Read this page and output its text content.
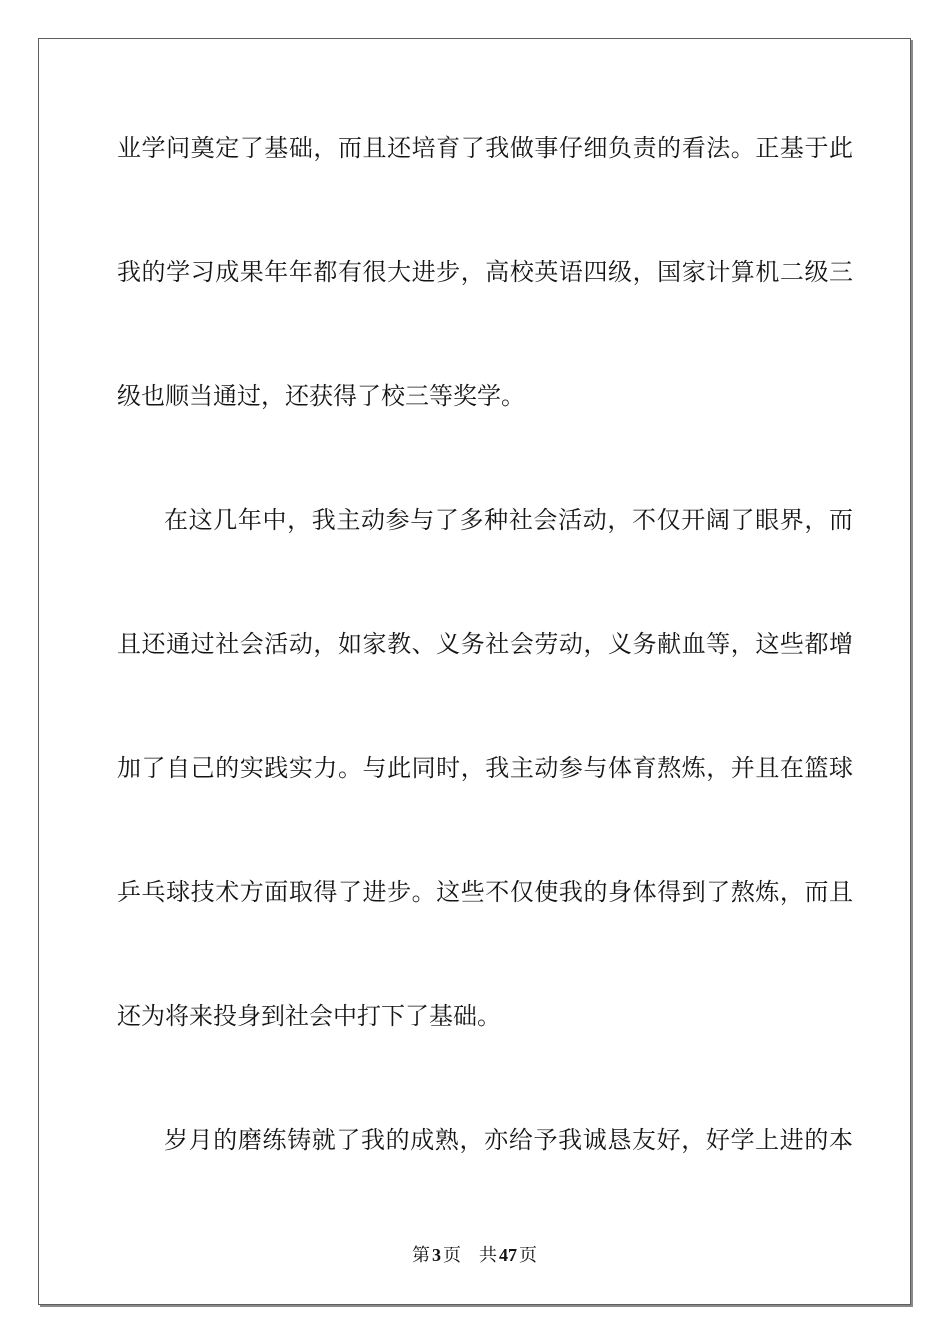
业学问奠定了基础，而且还培育了我做事仔细负责的看法。正基于此
我的学习成果年年都有很大进步，高校英语四级，国家计算机二级三
级也顺当通过，还获得了校三等奖学。
在这几年中，我主动参与了多种社会活动，不仅开阔了眼界，而
且还通过社会活动，如家教、义务社会劳动，义务献血等，这些都增
加了自己的实践实力。与此同时，我主动参与体育熬炼，并且在篮球
乒乓球技术方面取得了进步。这些不仅使我的身体得到了熬炼，而且
还为将来投身到社会中打下了基础。
岁月的磨练铸就了我的成熟，亦给予我诚恳友好，好学上进的本
第 3 页 共 47 页
